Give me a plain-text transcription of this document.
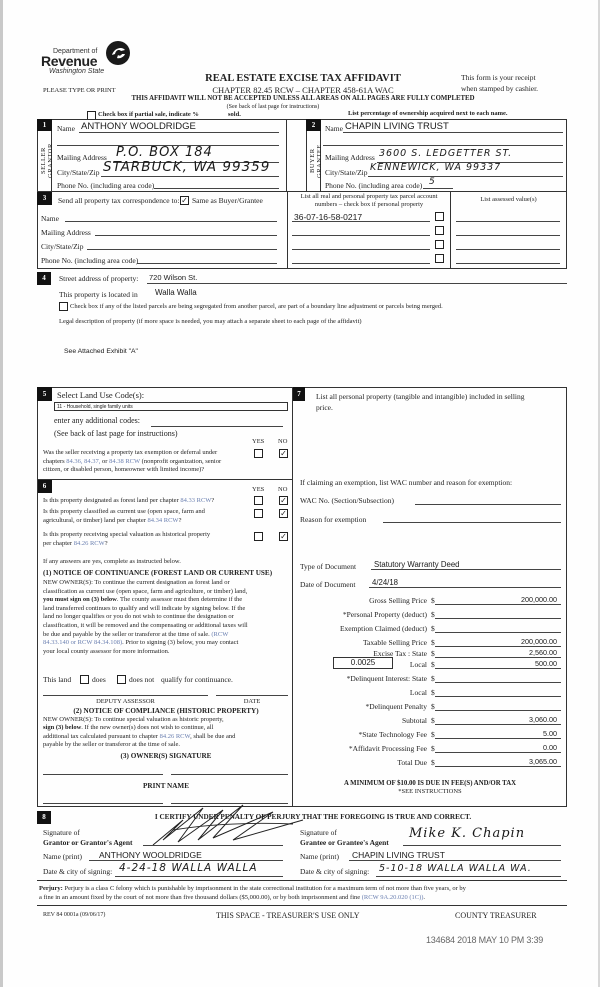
Department of
Revenue
Washington State
REAL ESTATE EXCISE TAX AFFIDAVIT
CHAPTER 82.45 RCW – CHAPTER 458-61A WAC
PLEASE TYPE OR PRINT
This form is your receipt
when stamped by cashier.
THIS AFFIDAVIT WILL NOT BE ACCEPTED UNLESS ALL AREAS ON ALL PAGES ARE FULLY COMPLETED
(See back of last page for instructions)
Check box if partial sale, indicate %	sold.	List percentage of ownership acquired next to each name.
1
SELLER GRANTOR
Name ANTHONY WOOLDRIDGE
Mailing Address P.O. BOX 184
City/State/Zip STARBUCK, WA 99359
Phone No. (including area code)
2
BUYER GRANTEE
Name CHAPIN LIVING TRUST
Mailing Address 3600 S. LEDGETTER ST.
City/State/Zip KENNEWICK, WA 99337
Phone No. (including area code) 5
3	Send all property tax correspondence to: ✓ Same as Buyer/Grantee
Name
Mailing Address
City/State/Zip
Phone No. (including area code)
List all real and personal property tax parcel account numbers – check box if personal property
List assessed value(s)
36-07-16-58-0217
4	Street address of property: 720 Wilson St.
This property is located in Walla Walla
Check box if any of the listed parcels are being segregated from another parcel, are part of a boundary line adjustment or parcels being merged.
Legal description of property (if more space is needed, you may attach a separate sheet to each page of the affidavit)
See Attached Exhibit "A"
5	Select Land Use Code(s):
11 - Household, single family units
enter any additional codes:
(See back of last page for instructions)
YES NO
Was the seller receiving a property tax exemption or deferral under
chapters 84.36, 84.37, or 84.38 RCW (nonprofit organization, senior
citizen, or disabled person, homeowner with limited income)?
✓
6	YES NO
Is this property designated as forest land per chapter 84.33 RCW?	✓
Is this property classified as current use (open space, farm and
agricultural, or timber) land per chapter 84.34 RCW?
✓
Is this property receiving special valuation as historical property
per chapter 84.26 RCW?
✓
If any answers are yes, complete as instructed below.
(1) NOTICE OF CONTINUANCE (FOREST LAND OR CURRENT USE)
NEW OWNER(S): To continue the current designation as forest land or
classification as current use (open space, farm and agriculture, or timber) land,
you must sign on (3) below. The county assessor must then determine if the
land transferred continues to qualify and will indicate by signing below. If the
land no longer qualifies or you do not wish to continue the designation or
classification, it will be removed and the compensating or additional taxes will
be due and payable by the seller or transferor at the time of sale. (RCW
84.33.140 or RCW 84.34.108). Prior to signing (3) below, you may contact
your local county assessor for more information.
This land	does	does not qualify for continuance.
DEPUTY ASSESSOR	DATE
(2) NOTICE OF COMPLIANCE (HISTORIC PROPERTY)
NEW OWNER(S): To continue special valuation as historic property,
sign (3) below. If the new owner(s) does not wish to continue, all
additional tax calculated pursuant to chapter 84.26 RCW, shall be due and
payable by the seller or transferor at the time of sale.
(3) OWNER(S) SIGNATURE
PRINT NAME
7	List all personal property (tangible and intangible) included in selling
price.
If claiming an exemption, list WAC number and reason for exemption:
WAC No. (Section/Subsection)
Reason for exemption
Type of Document Statutory Warranty Deed
Date of Document 4/24/18
0.0025
Gross Selling Price $	200,000.00
*Personal Property (deduct) $
Exemption Claimed (deduct) $
Taxable Selling Price $	200,000.00
Excise Tax : State $	2,560.00
Local $	500.00
*Delinquent Interest: State $
Local $
*Delinquent Penalty $
Subtotal $	3,060.00
*State Technology Fee $	5.00
*Affidavit Processing Fee $	0.00
Total Due $	3,065.00
A MINIMUM OF $10.00 IS DUE IN FEE(S) AND/OR TAX
*SEE INSTRUCTIONS
8	I CERTIFY UNDER PENALTY OF PERJURY THAT THE FOREGOING IS TRUE AND CORRECT.
Signature of
Grantor or Grantor's Agent
Name (print) ANTHONY WOOLDRIDGE
Date & city of signing: 4-24-18 WALLA WALLA
Signature of
Grantee or Grantee's Agent
Mike K. Chapin
Name (print) CHAPIN LIVING TRUST
Date & city of signing: 5-10-18 WALLA WALLA WA.
Perjury: Perjury is a class C felony which is punishable by imprisonment in the state correctional institution for a maximum term of not more than five years, or by
a fine in an amount fixed by the court of not more than five thousand dollars ($5,000.00), or by both imprisonment and fine (RCW 9A.20.020 (1C)).
REV 84 0001a (09/06/17)	THIS SPACE - TREASURER'S USE ONLY	COUNTY TREASURER
134684 2018 MAY 10 PM 3:39
